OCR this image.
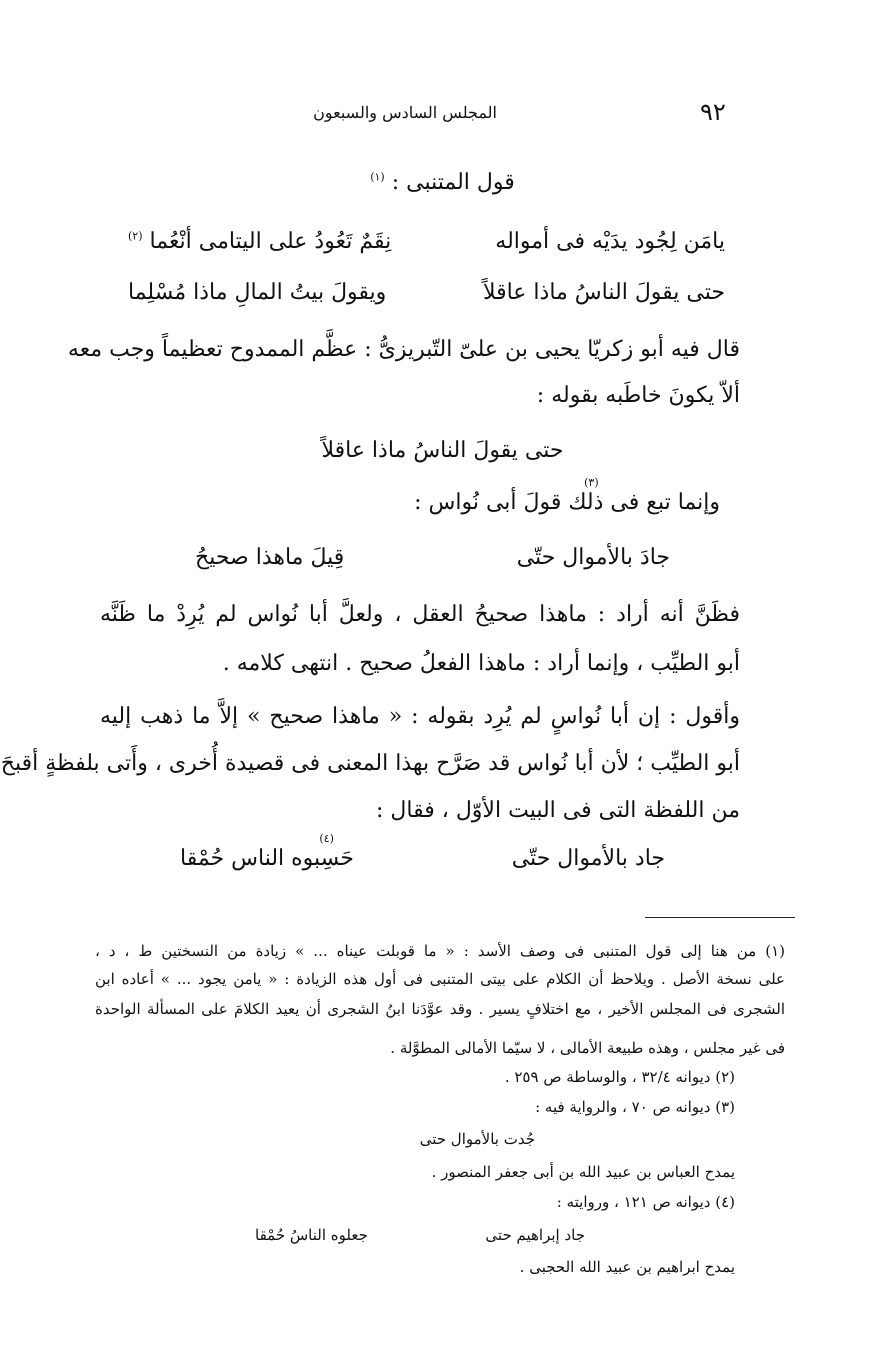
٩٢
المجلس السادس والسبعون
قول المتنبى : $^{(١)}$
يامَن لِجُود يدَيْه فى أمواله
نِقَمٌ تَعُودُ على اليتامى أنْعُما $^{(٢)}$
حتى يقولَ الناسُ ماذا عاقلاً
ويقولَ بيتُ المالِ ماذا مُسْلِما
قال فيه أبو زكريّا يحيى بن علىّ التّبريزىُّ : عظَّم الممدوح تعظيماً وجب معه
ألاّ يكونَ خاطَبه بقوله :
حتى يقولَ الناسُ ماذا عاقلاً
وإنما تبع فى ذلك قولَ أبى نُواس :
(٣)
جادَ بالأموال حتّى
قِيلَ ماهذا صحيحُ
فظَنَّ أنه أراد : ماهذا صحيحُ العقل ، ولعلَّ أبا نُواس لم يُرِدْ ما ظَنَّه
أبو الطيِّب ، وإنما أراد : ماهذا الفعلُ صحيح . انتهى كلامه .
وأقول : إن أبا نُواسٍ لم يُرِد بقوله : « ماهذا صحيح » إلاَّ ما ذهب إليه
أبو الطيِّب ؛ لأن أبا نُواس قد صَرَّح بهذا المعنى فى قصيدة أُخرى ، وأَتى بلفظةٍ أقبحَ
من اللفظة التى فى البيت الأوّل ، فقال :
جاد بالأموال حتّى
حَسِبوه الناس حُمْقا
(٤)
(١) من هنا إلى قول المتنبى فى وصف الأسد : « ما قوبلت عيناه ... » زيادة من النسختين ط ، د ،
على نسخة الأصل . ويلاحظ أن الكلام على بيتى المتنبى فى أول هذه الزيادة : « يامن يجود ... » أعاده ابن
الشجرى فى المجلس الأخير ، مع اختلافٍ يسير . وقد عوَّدَنا ابنُ الشجرى أن يعيد الكلامَ على المسألة الواحدة
فى غير مجلس ، وهذه طبيعة الأمالى ، لا سيّما الأمالى المطوَّلة .
(٢) ديوانه ٣٢/٤ ، والوساطة ص ٢٥٩ .
(٣) ديوانه ص ٧٠ ، والرواية فيه :
جُدت بالأموال حتى
يمدح العباس بن عبيد الله بن أبى جعفر المنصور .
(٤) ديوانه ص ١٢١ ، وروايته :
جاد إبراهيم حتى
جعلوه الناسُ حُمْقا
يمدح ابراهيم بن عبيد الله الحجبى .
